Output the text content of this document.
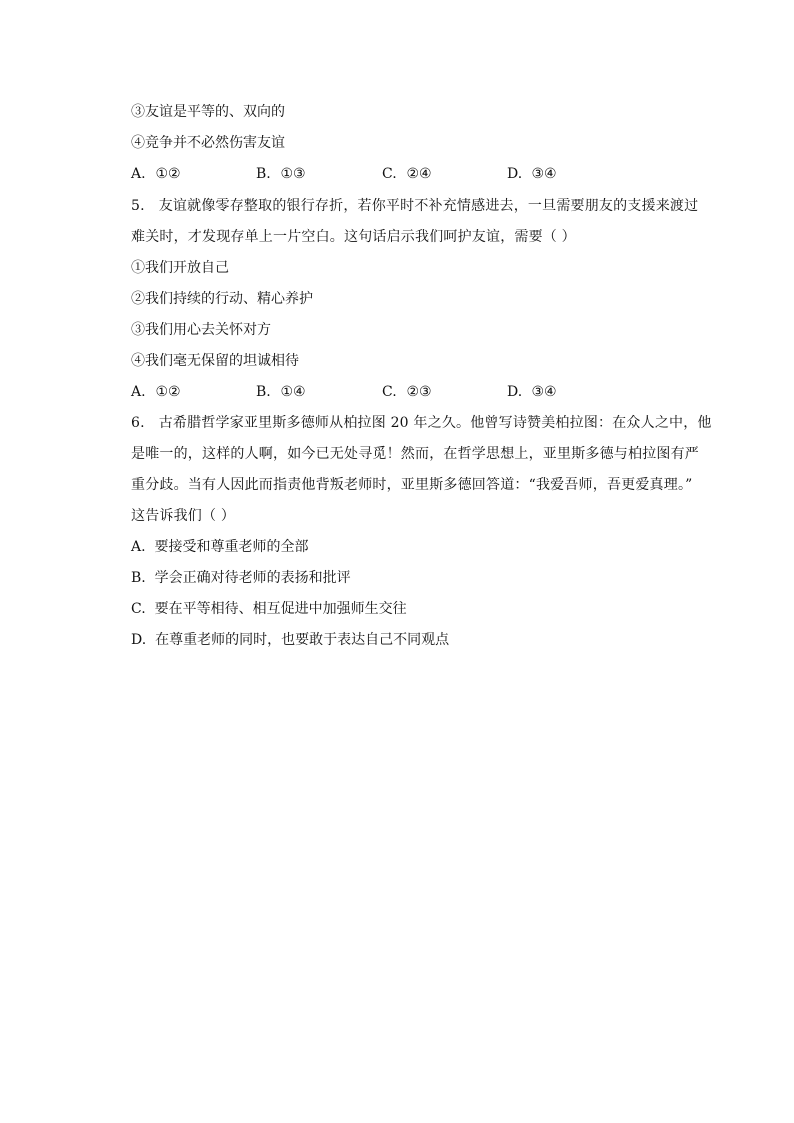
③友谊是平等的、双向的
④竞争并不必然伤害友谊
A. ①②	B. ①③	C. ②④	D. ③④
5. 友谊就像零存整取的银行存折，若你平时不补充情感进去，一旦需要朋友的支援来渡过
难关时，才发现存单上一片空白。这句话启示我们呵护友谊，需要（ ）
①我们开放自己
②我们持续的行动、精心养护
③我们用心去关怀对方
④我们毫无保留的坦诚相待
A. ①②	B. ①④	C. ②③	D. ③④
6. 古希腊哲学家亚里斯多德师从柏拉图 20 年之久。他曾写诗赞美柏拉图：在众人之中，他
是唯一的，这样的人啊，如今已无处寻觅！然而，在哲学思想上，亚里斯多德与柏拉图有严
重分歧。当有人因此而指责他背叛老师时，亚里斯多德回答道：“我爱吾师，吾更爱真理。”
这告诉我们（ ）
A. 要接受和尊重老师的全部
B. 学会正确对待老师的表扬和批评
C. 要在平等相待、相互促进中加强师生交往
D. 在尊重老师的同时，也要敢于表达自己不同观点
